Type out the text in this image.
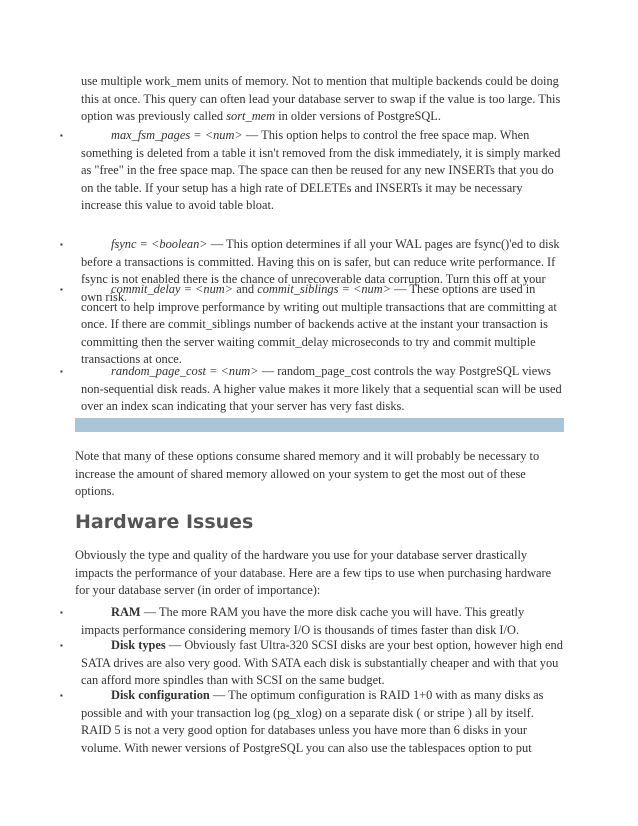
use multiple work_mem units of memory. Not to mention that multiple backends could be doing this at once. This query can often lead your database server to swap if the value is too large. This option was previously called sort_mem in older versions of PostgreSQL.

▪	max_fsm_pages = <num> — This option helps to control the free space map. When something is deleted from a table it isn't removed from the disk immediately, it is simply marked as "free" in the free space map. The space can then be reused for any new INSERTs that you do on the table. If your setup has a high rate of DELETEs and INSERTs it may be necessary increase this value to avoid table bloat.

▪	fsync = <boolean> — This option determines if all your WAL pages are fsync()'ed to disk before a transactions is committed. Having this on is safer, but can reduce write performance. If fsync is not enabled there is the chance of unrecoverable data corruption. Turn this off at your own risk.

▪	commit_delay = <num> and commit_siblings = <num> — These options are used in concert to help improve performance by writing out multiple transactions that are committing at once. If there are commit_siblings number of backends active at the instant your transaction is committing then the server waiting commit_delay microseconds to try and commit multiple transactions at once.

▪	random_page_cost = <num> — random_page_cost controls the way PostgreSQL views non-sequential disk reads. A higher value makes it more likely that a sequential scan will be used over an index scan indicating that your server has very fast disks.

Note that many of these options consume shared memory and it will probably be necessary to increase the amount of shared memory allowed on your system to get the most out of these options.

Hardware Issues

Obviously the type and quality of the hardware you use for your database server drastically impacts the performance of your database. Here are a few tips to use when purchasing hardware for your database server (in order of importance):

▪	RAM — The more RAM you have the more disk cache you will have. This greatly impacts performance considering memory I/O is thousands of times faster than disk I/O.

▪	Disk types — Obviously fast Ultra-320 SCSI disks are your best option, however high end SATA drives are also very good. With SATA each disk is substantially cheaper and with that you can afford more spindles than with SCSI on the same budget.

▪	Disk configuration — The optimum configuration is RAID 1+0 with as many disks as possible and with your transaction log (pg_xlog) on a separate disk ( or stripe ) all by itself. RAID 5 is not a very good option for databases unless you have more than 6 disks in your volume. With newer versions of PostgreSQL you can also use the tablespaces option to put
